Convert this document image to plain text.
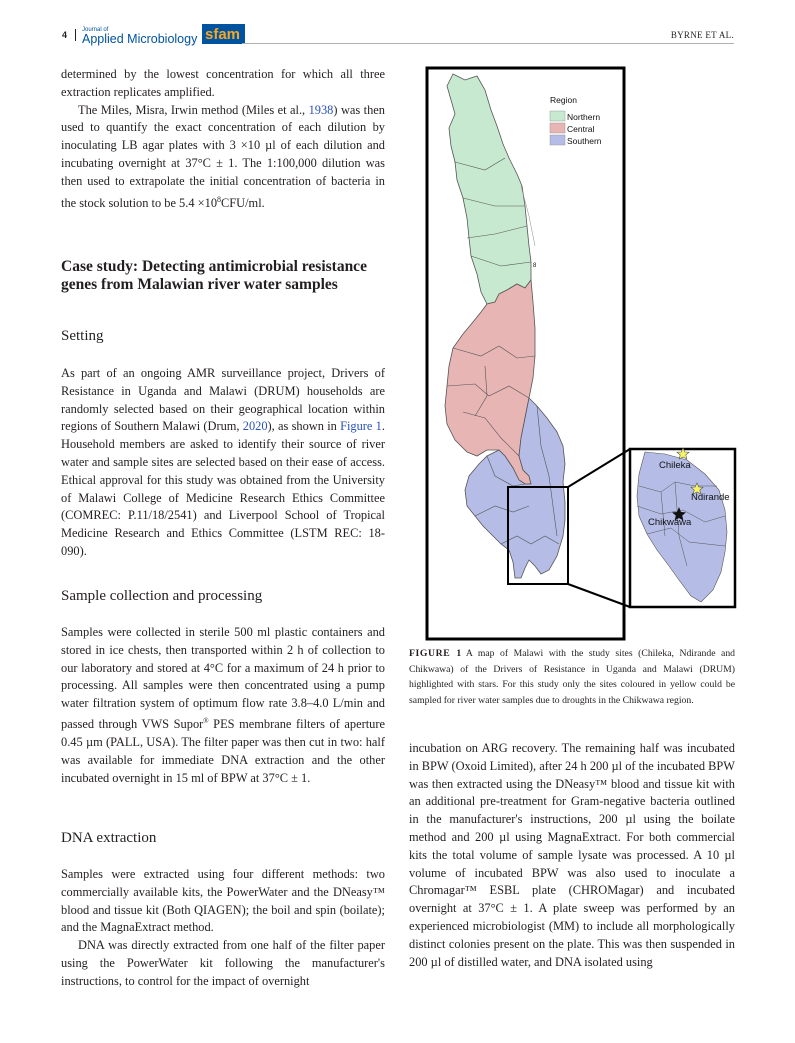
4 Journal of
Applied Microbiology sfam	BYRNE ET AL.

determined by the lowest concentration for which all three extraction replicates amplified.

The Miles, Misra, Irwin method (Miles et al., 1938) was then used to quantify the exact concentration of each dilution by inoculating LB agar plates with 3 ×10 µl of each dilution and incubating overnight at 37°C ± 1. The 1:100,000 dilution was then used to extrapolate the initial concentration of bacteria in the stock solution to be $5.4 \times 10^8CFU/ml$.

Case study: Detecting antimicrobial resistance genes from Malawian river water samples
Setting

As part of an ongoing AMR surveillance project, Drivers of Resistance in Uganda and Malawi (DRUM) households are randomly selected based on their geographical location within regions of Southern Malawi (Drum, 2020), as shown in Figure 1. Household members are asked to identify their source of river water and sample sites are selected based on their ease of access. Ethical approval for this study was obtained from the University of Malawi College of Medicine Research Ethics Committee (COMREC: P.11/18/2541) and Liverpool School of Tropical Medicine Research and Ethics Committee (LSTM REC: 18-090).

Sample collection and processing

Samples were collected in sterile 500 ml plastic containers and stored in ice chests, then transported within 2 h of collection to our laboratory and stored at 4°C for a maximum of 24 h prior to processing. All samples were then concentrated using a pump water filtration system of optimum flow rate 3.8–4.0 L/min and passed through VWS Supor® PES membrane filters of aperture 0.45 µm (PALL, USA). The filter paper was then cut in two: half was available for immediate DNA extraction and the other incubated overnight in 15 ml of BPW at 37°C ± 1.

DNA extraction

Samples were extracted using four different methods: two commercially available kits, the PowerWater and the DNeasy™ blood and tissue kit (Both QIAGEN); the boil and spin (boilate); and the MagnaExtract method.

DNA was directly extracted from one half of the filter paper using the PowerWater kit following the manufacturer's instructions, to control for the impact of overnight

Chileka
Ndirande
Chikwawa
Region
Northern
Central
Southern
8
FIGURE 1 A map of Malawi with the study sites (Chileka, Ndirande and Chikwawa) of the Drivers of Resistance in Uganda and Malawi (DRUM) highlighted with stars. For this study only the sites coloured in yellow could be sampled for river water samples due to droughts in the Chikwawa region.

incubation on ARG recovery. The remaining half was incubated in BPW (Oxoid Limited), after 24 h 200 µl of the incubated BPW was then extracted using the DNeasy™ blood and tissue kit with an additional pre-treatment for Gram-negative bacteria outlined in the manufacturer's instructions, 200 µl using the boilate method and 200 µl using MagnaExtract. For both commercial kits the total volume of sample lysate was processed. A 10 µl volume of incubated BPW was also used to inoculate a Chromagar™ ESBL plate (CHROMagar) and incubated overnight at 37°C ± 1. A plate sweep was performed by an experienced microbiologist (MM) to include all morphologically distinct colonies present on the plate. This was then suspended in 200 µl of distilled water, and DNA isolated using
